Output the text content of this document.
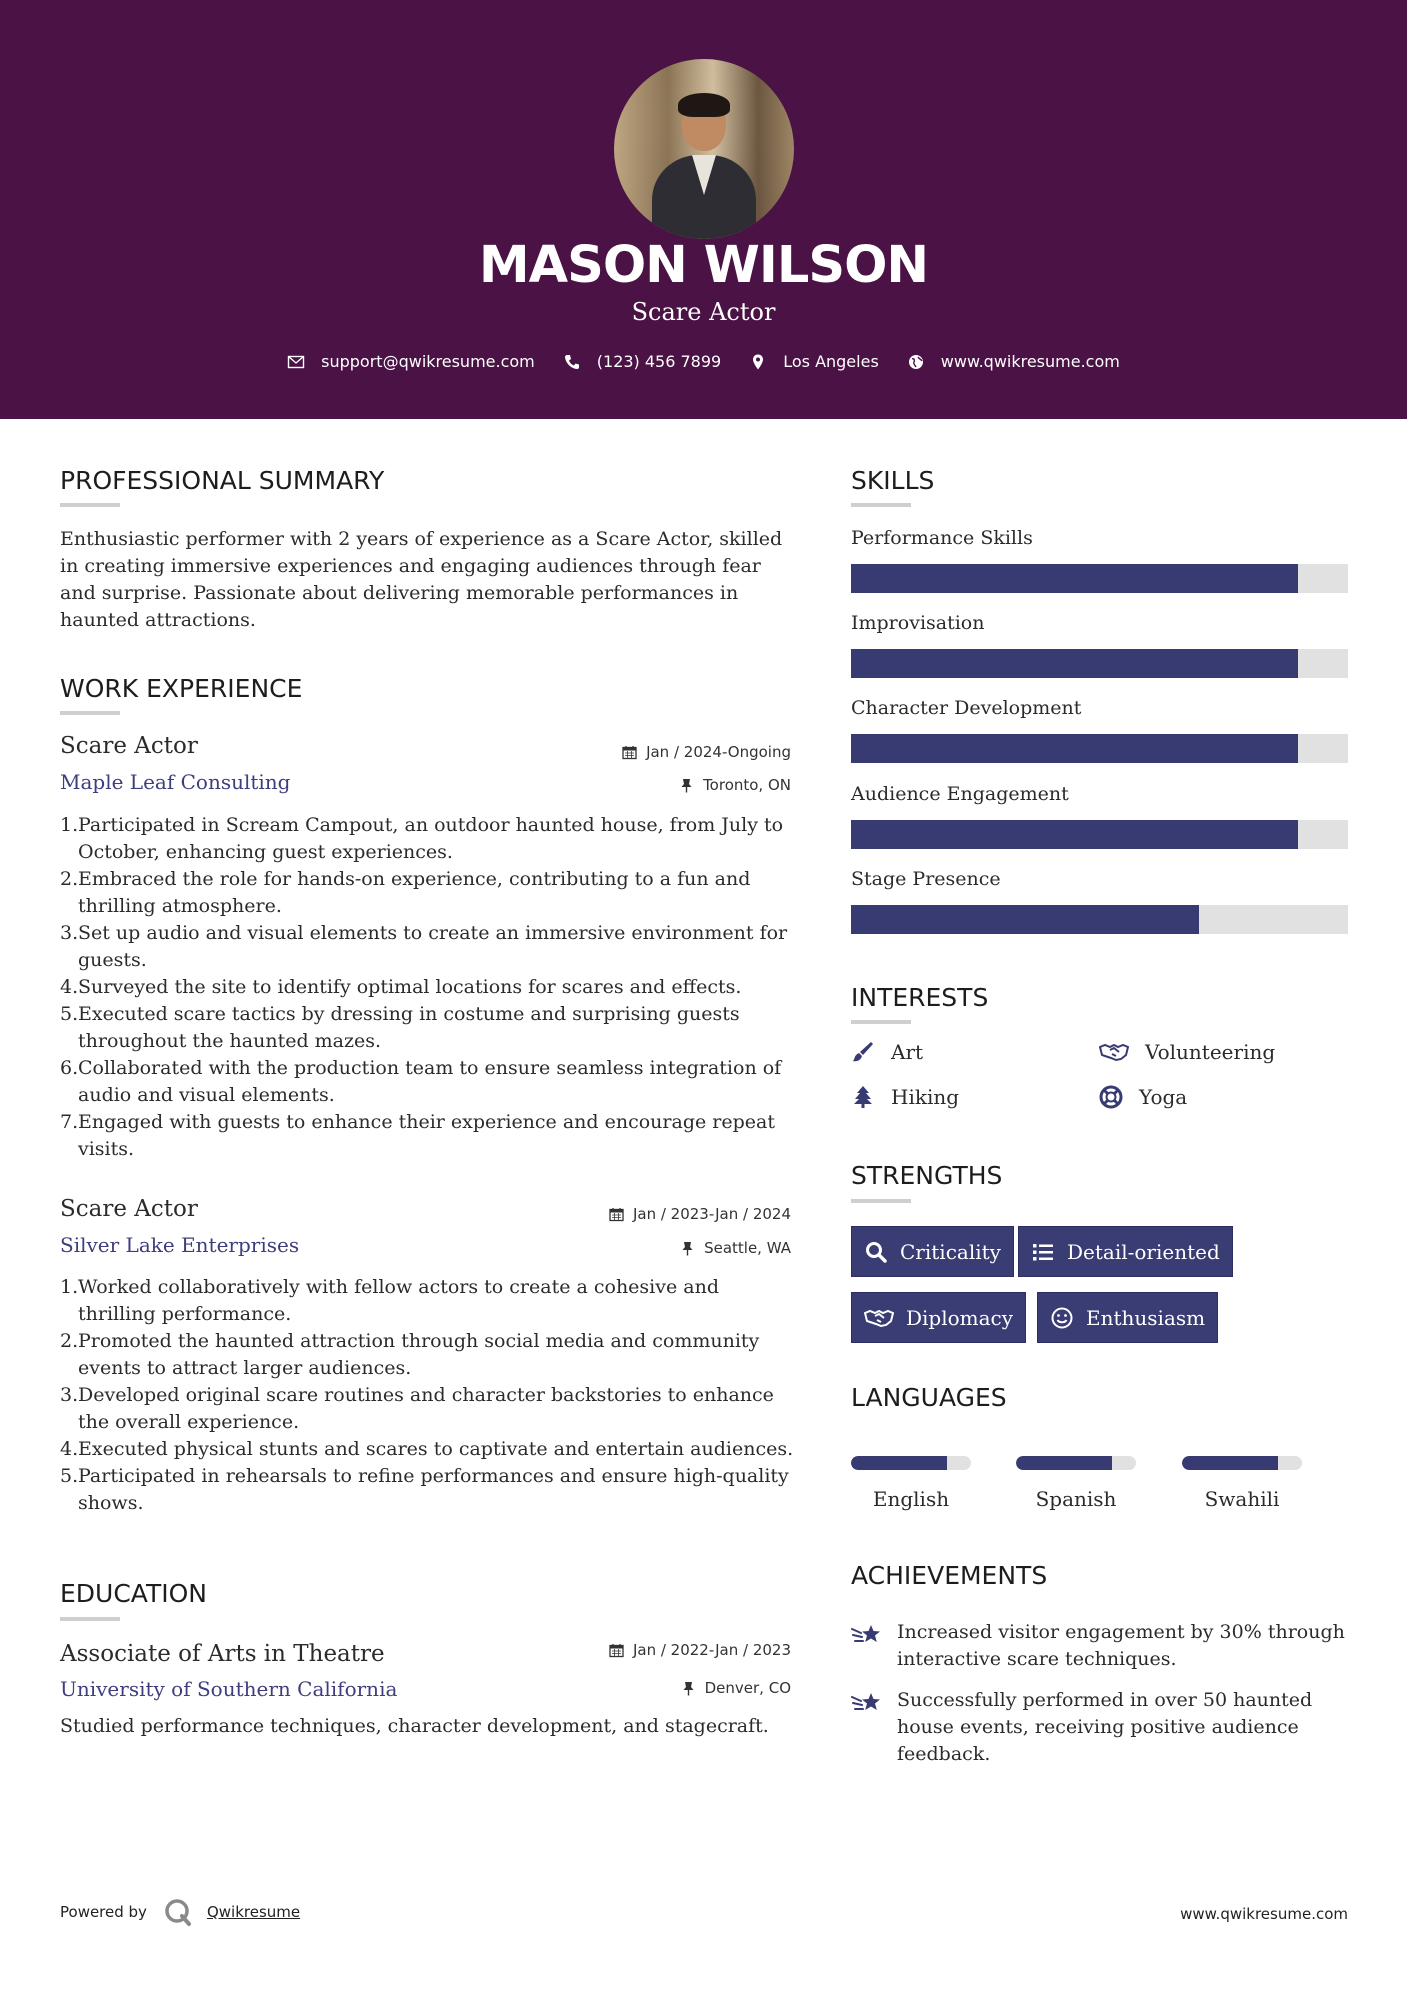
MASON WILSON
Scare Actor
support@qwikresume.com	(123) 456 7899	Los Angeles	www.qwikresume.com
PROFESSIONAL SUMMARY
Enthusiastic performer with 2 years of experience as a Scare Actor, skilled in creating immersive experiences and engaging audiences through fear and surprise. Passionate about delivering memorable performances in haunted attractions.
WORK EXPERIENCE
Scare Actor
Maple Leaf Consulting
Jan / 2024-Ongoing
Toronto, ON
Participated in Scream Campout, an outdoor haunted house, from July to October, enhancing guest experiences.
Embraced the role for hands-on experience, contributing to a fun and thrilling atmosphere.
Set up audio and visual elements to create an immersive environment for guests.
Surveyed the site to identify optimal locations for scares and effects.
Executed scare tactics by dressing in costume and surprising guests throughout the haunted mazes.
Collaborated with the production team to ensure seamless integration of audio and visual elements.
Engaged with guests to enhance their experience and encourage repeat visits.
Scare Actor
Silver Lake Enterprises
Jan / 2023-Jan / 2024
Seattle, WA
Worked collaboratively with fellow actors to create a cohesive and thrilling performance.
Promoted the haunted attraction through social media and community events to attract larger audiences.
Developed original scare routines and character backstories to enhance the overall experience.
Executed physical stunts and scares to captivate and entertain audiences.
Participated in rehearsals to refine performances and ensure high-quality shows.
EDUCATION
Associate of Arts in Theatre
University of Southern California
Jan / 2022-Jan / 2023
Denver, CO
Studied performance techniques, character development, and stagecraft.
SKILLS
Performance Skills
Improvisation
Character Development
Audience Engagement
Stage Presence
INTERESTS
Art	Volunteering
Hiking	Yoga
STRENGTHS
Criticality	Detail-oriented
Diplomacy	Enthusiasm
LANGUAGES
English	Spanish	Swahili
ACHIEVEMENTS
Increased visitor engagement by 30% through interactive scare techniques.
Successfully performed in over 50 haunted house events, receiving positive audience feedback.
Powered by	Qwikresume	www.qwikresume.com
